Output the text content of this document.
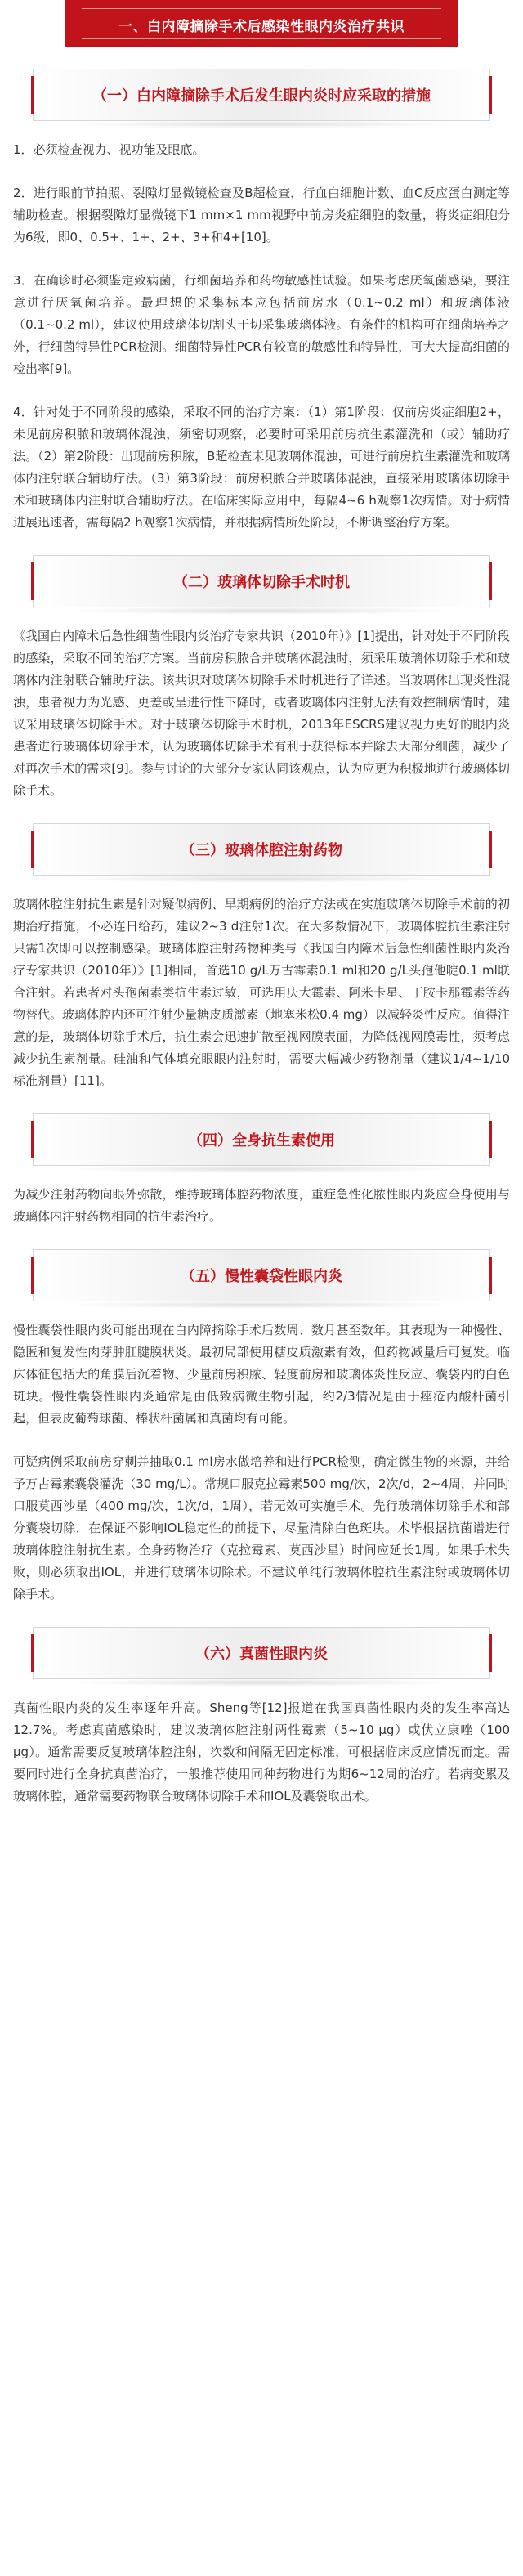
一、白内障摘除手术后感染性眼内炎治疗共识
（一）白内障摘除手术后发生眼内炎时应采取的措施

1．必须检查视力、视功能及眼底。

2．进行眼前节拍照、裂隙灯显微镜检查及B超检查，行血白细胞计数、血C反应蛋白测定等辅助检查。根据裂隙灯显微镜下1 mm×1 mm视野中前房炎症细胞的数量，将炎症细胞分为6级，即0、0.5+、1+、2+、3+和4+[10]。

3．在确诊时必须鉴定致病菌，行细菌培养和药物敏感性试验。如果考虑厌氧菌感染，要注意进行厌氧菌培养。最理想的采集标本应包括前房水（0.1~0.2 ml）和玻璃体液（0.1~0.2 ml），建议使用玻璃体切割头干切采集玻璃体液。有条件的机构可在细菌培养之外，行细菌特异性PCR检测。细菌特异性PCR有较高的敏感性和特异性，可大大提高细菌的检出率[9]。

4．针对处于不同阶段的感染，采取不同的治疗方案：（1）第1阶段：仅前房炎症细胞2+，未见前房积脓和玻璃体混浊，须密切观察，必要时可采用前房抗生素灌洗和（或）辅助疗法。（2）第2阶段：出现前房积脓，B超检查未见玻璃体混浊，可进行前房抗生素灌洗和玻璃体内注射联合辅助疗法。（3）第3阶段：前房积脓合并玻璃体混浊，直接采用玻璃体切除手术和玻璃体内注射联合辅助疗法。在临床实际应用中，每隔4~6 h观察1次病情。对于病情进展迅速者，需每隔2 h观察1次病情，并根据病情所处阶段，不断调整治疗方案。

（二）玻璃体切除手术时机

《我国白内障术后急性细菌性眼内炎治疗专家共识（2010年）》[1]提出，针对处于不同阶段的感染，采取不同的治疗方案。当前房积脓合并玻璃体混浊时，须采用玻璃体切除手术和玻璃体内注射联合辅助疗法。该共识对玻璃体切除手术时机进行了详述。当玻璃体出现炎性混浊，患者视力为光感、更差或呈进行性下降时，或者玻璃体内注射无法有效控制病情时，建议采用玻璃体切除手术。对于玻璃体切除手术时机，2013年ESCRS建议视力更好的眼内炎患者进行玻璃体切除手术，认为玻璃体切除手术有利于获得标本并除去大部分细菌，减少了对再次手术的需求[9]。参与讨论的大部分专家认同该观点，认为应更为积极地进行玻璃体切除手术。

（三）玻璃体腔注射药物

玻璃体腔注射抗生素是针对疑似病例、早期病例的治疗方法或在实施玻璃体切除手术前的初期治疗措施，不必连日给药，建议2~3 d注射1次。在大多数情况下，玻璃体腔抗生素注射只需1次即可以控制感染。玻璃体腔注射药物种类与《我国白内障术后急性细菌性眼内炎治疗专家共识（2010年）》[1]相同，首选10 g/L万古霉素0.1 ml和20 g/L头孢他啶0.1 ml联合注射。若患者对头孢菌素类抗生素过敏，可选用庆大霉素、阿米卡星、丁胺卡那霉素等药物替代。玻璃体腔内还可注射少量糖皮质激素（地塞米松0.4 mg）以减轻炎性反应。值得注意的是，玻璃体切除手术后，抗生素会迅速扩散至视网膜表面，为降低视网膜毒性，须考虑减少抗生素剂量。硅油和气体填充眼眼内注射时，需要大幅减少药物剂量（建议1/4~1/10标准剂量）[11]。

（四）全身抗生素使用

为减少注射药物向眼外弥散，维持玻璃体腔药物浓度，重症急性化脓性眼内炎应全身使用与玻璃体内注射药物相同的抗生素治疗。

（五）慢性囊袋性眼内炎

慢性囊袋性眼内炎可能出现在白内障摘除手术后数周、数月甚至数年。其表现为一种慢性、隐匿和复发性肉芽肿肛腱膜状炎。最初局部使用糖皮质激素有效，但药物减量后可复发。临床体征包括大的角膜后沉着物、少量前房积脓、轻度前房和玻璃体炎性反应、囊袋内的白色斑块。慢性囊袋性眼内炎通常是由低致病微生物引起，约2/3情况是由于痤疮丙酸杆菌引起，但表皮葡萄球菌、棒状杆菌属和真菌均有可能。

可疑病例采取前房穿刺并抽取0.1 ml房水做培养和进行PCR检测，确定微生物的来源，并给予万古霉素囊袋灌洗（30 mg/L）。常规口服克拉霉素500 mg/次，2次/d，2~4周，并同时口服莫西沙星（400 mg/次，1次/d，1周），若无效可实施手术。先行玻璃体切除手术和部分囊袋切除，在保证不影响IOL稳定性的前提下，尽量清除白色斑块。术毕根据抗菌谱进行玻璃体腔注射抗生素。全身药物治疗（克拉霉素、莫西沙星）时间应延长1周。如果手术失败，则必须取出IOL，并进行玻璃体切除术。不建议单纯行玻璃体腔抗生素注射或玻璃体切除手术。

（六）真菌性眼内炎

真菌性眼内炎的发生率逐年升高。Sheng等[12]报道在我国真菌性眼内炎的发生率高达12.7%。考虑真菌感染时，建议玻璃体腔注射两性霉素（5~10 μg）或伏立康唑（100 μg）。通常需要反复玻璃体腔注射，次数和间隔无固定标准，可根据临床反应情况而定。需要同时进行全身抗真菌治疗，一般推荐使用同种药物进行为期6~12周的治疗。若病变累及玻璃体腔，通常需要药物联合玻璃体切除手术和IOL及囊袋取出术。
